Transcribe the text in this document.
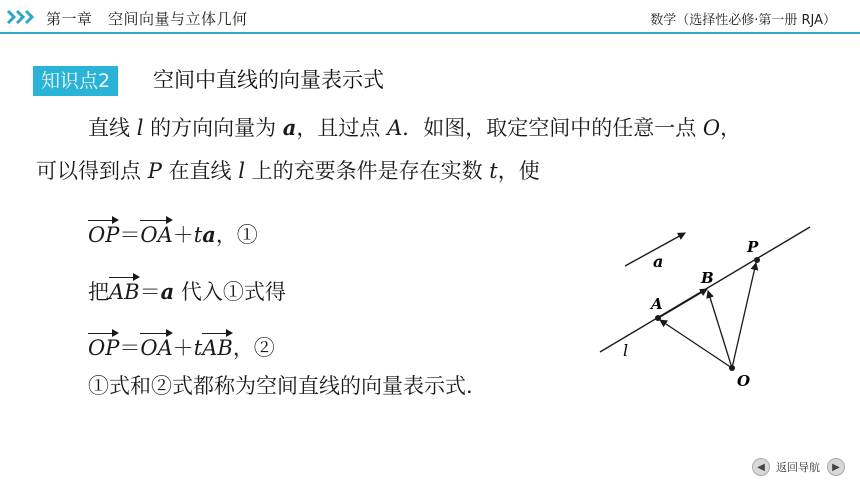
第一章　空间向量与立体几何	数学（选择性必修·第一册 RJA）
知识点2	空间中直线的向量表示式
直线 l 的方向向量为 a，且过点 A．如图，取定空间中的任意一点 O，
可以得到点 P 在直线 l 上的充要条件是存在实数 t，使
OP＝OA＋ta，①
把AB＝a 代入①式得
OP＝OA＋tAB，②
①式和②式都称为空间直线的向量表示式.
P
B
A
O
l
a
◀	返回导航	▶
